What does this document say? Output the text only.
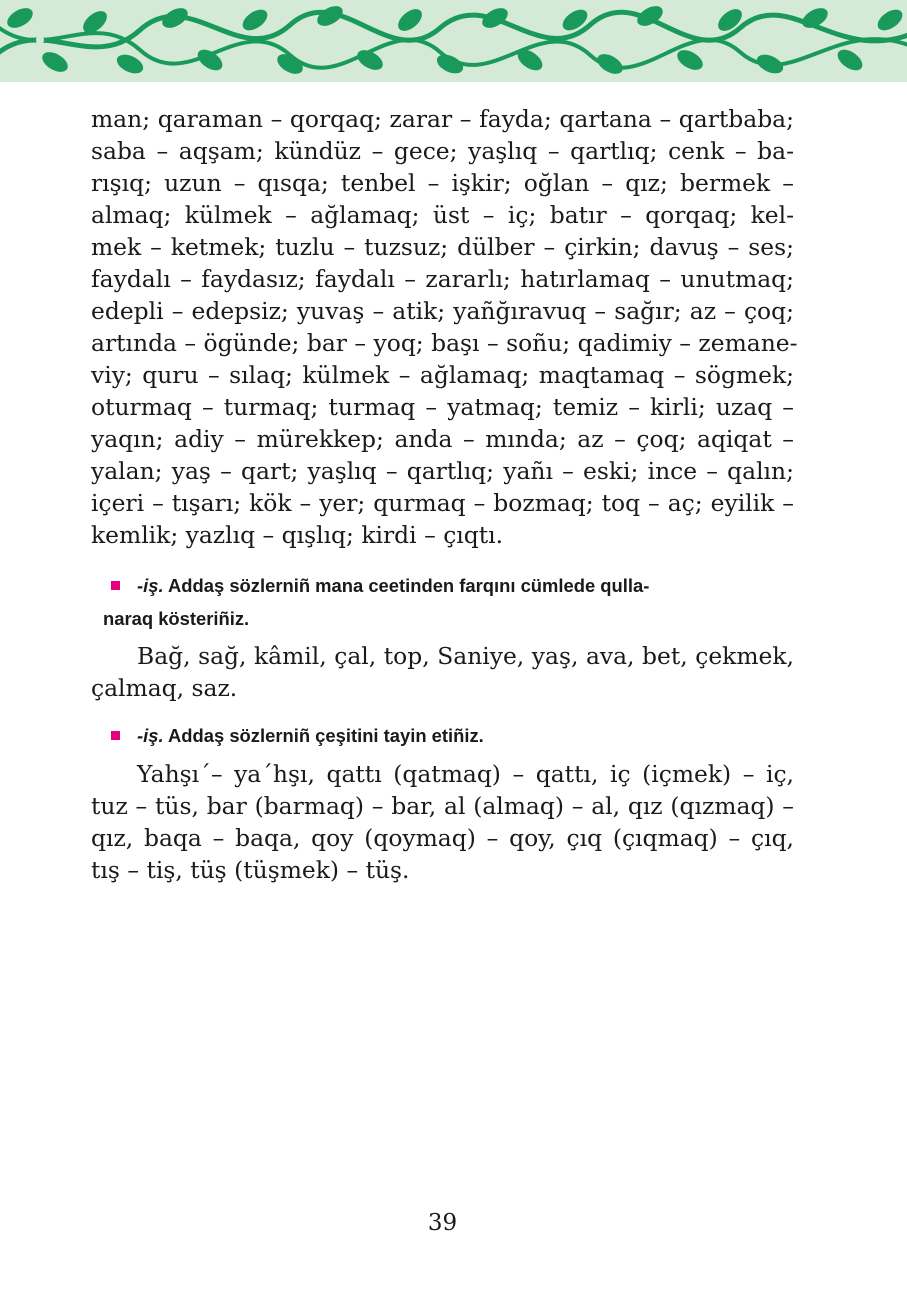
man; qaraman – qorqaq; zarar – fayda; qartana – qartbaba;
saba – aqşam; kündüz – gece; yaşlıq – qartlıq; cenk – ba-
rışıq; uzun – qısqa; tenbel – işkir; oğlan – qız; bermek –
almaq; külmek – ağlamaq; üst – iç; batır – qorqaq; kel-
mek – ketmek; tuzlu – tuzsuz; dülber – çirkin; davuş – ses;
faydalı – faydasız; faydalı – zararlı; hatırlamaq – unutmaq;
edepli – edepsiz; yuvaş – atik; yañğıravuq – sağır; az – çoq;
artında – ögünde; bar – yoq; başı – soñu; qadimiy – zemane-
viy; quru – sılaq; külmek – ağlamaq; maqtamaq – sögmek;
oturmaq – turmaq; turmaq – yatmaq; temiz – kirli; uzaq –
yaqın; adiy – mürekkep; anda – mında; az – çoq; aqiqat –
yalan; yaş – qart; yaşlıq – qartlıq; yañı – eski; ince – qalın;
içeri – tışarı; kök – yer; qurmaq – bozmaq; toq – aç; eyilik –
kemlik; yazlıq – qışlıq; kirdi – çıqtı.
-iş. Addaş sözlerniñ mana ceetinden farqını cümlede qulla-
naraq kösteriñiz.
Bağ, sağ, kâmil, çal, top, Saniye, yaş, ava, bet, çekmek,
çalmaq, saz.
-iş. Addaş sözlerniñ çeşitini tayin etiñiz.
Yahşı´– ya´hşı, qattı (qatmaq) – qattı, iç (içmek) – iç,
tuz – tüs, bar (barmaq) – bar, al (almaq) – al, qız (qızmaq) –
qız, baqa – baqa, qoy (qoymaq) – qoy, çıq (çıqmaq) – çıq,
tış – tiş, tüş (tüşmek) – tüş.
39
